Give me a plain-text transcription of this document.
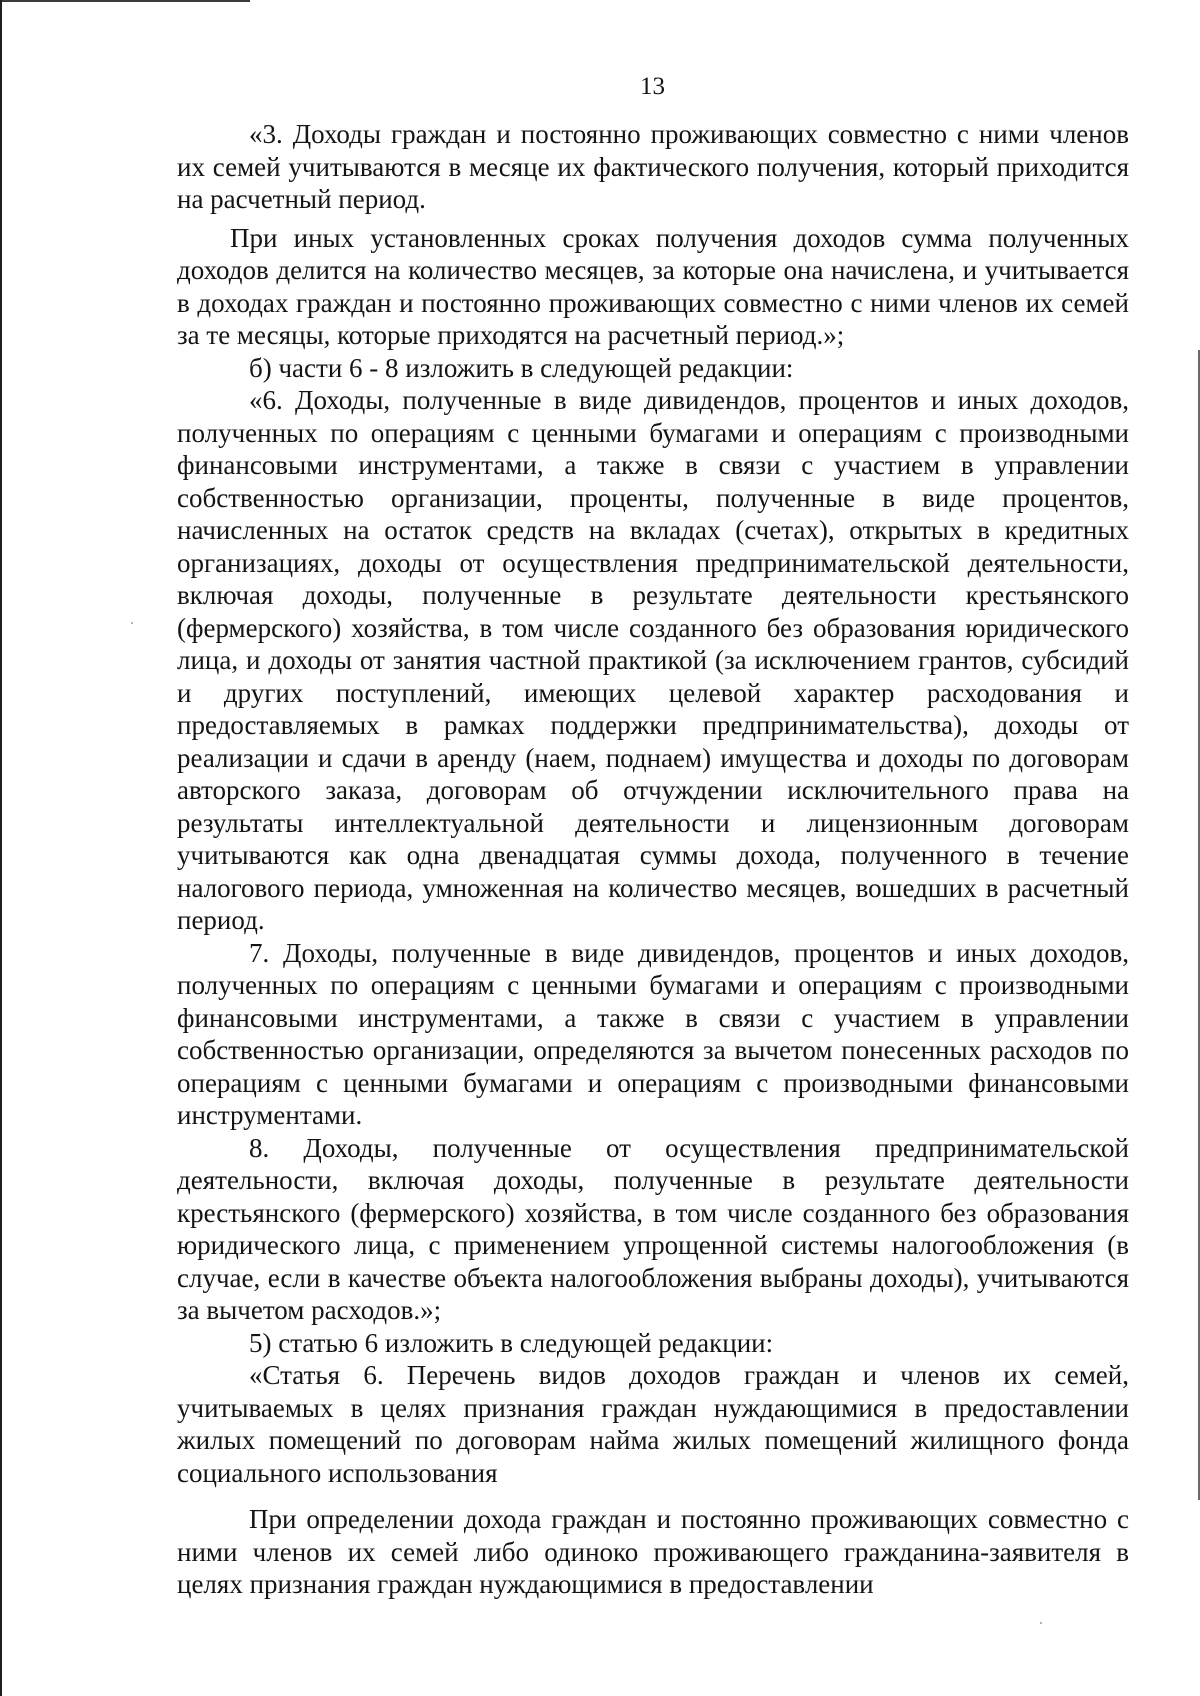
13

«3. Доходы граждан и постоянно проживающих совместно с ними членов их семей учитываются в месяце их фактического получения, который приходится на расчетный период.

При иных установленных сроках получения доходов сумма полученных доходов делится на количество месяцев, за которые она начислена, и учитывается в доходах граждан и постоянно проживающих совместно с ними членов их семей за те месяцы, которые приходятся на расчетный период.»;

б) части 6 - 8 изложить в следующей редакции:

«6. Доходы, полученные в виде дивидендов, процентов и иных доходов, полученных по операциям с ценными бумагами и операциям с производными финансовыми инструментами, а также в связи с участием в управлении собственностью организации, проценты, полученные в виде процентов, начисленных на остаток средств на вкладах (счетах), открытых в кредитных организациях, доходы от осуществления предпринимательской деятельности, включая доходы, полученные в результате деятельности крестьянского (фермерского) хозяйства, в том числе созданного без образования юридического лица, и доходы от занятия частной практикой (за исключением грантов, субсидий и других поступлений, имеющих целевой характер расходования и предоставляемых в рамках поддержки предпринимательства), доходы от реализации и сдачи в аренду (наем, поднаем) имущества и доходы по договорам авторского заказа, договорам об отчуждении исключительного права на результаты интеллектуальной деятельности и лицензионным договорам учитываются как одна двенадцатая суммы дохода, полученного в течение налогового периода, умноженная на количество месяцев, вошедших в расчетный период.

7. Доходы, полученные в виде дивидендов, процентов и иных доходов, полученных по операциям с ценными бумагами и операциям с производными финансовыми инструментами, а также в связи с участием в управлении собственностью организации, определяются за вычетом понесенных расходов по операциям с ценными бумагами и операциям с производными финансовыми инструментами.

8. Доходы, полученные от осуществления предпринимательской деятельности, включая доходы, полученные в результате деятельности крестьянского (фермерского) хозяйства, в том числе созданного без образования юридического лица, с применением упрощенной системы налогообложения (в случае, если в качестве объекта налогообложения выбраны доходы), учитываются за вычетом расходов.»;

5) статью 6 изложить в следующей редакции:

«Статья 6. Перечень видов доходов граждан и членов их семей, учитываемых в целях признания граждан нуждающимися в предоставлении жилых помещений по договорам найма жилых помещений жилищного фонда социального использования

При определении дохода граждан и постоянно проживающих совместно с ними членов их семей либо одиноко проживающего гражданина-заявителя в целях признания граждан нуждающимися в предоставлении
